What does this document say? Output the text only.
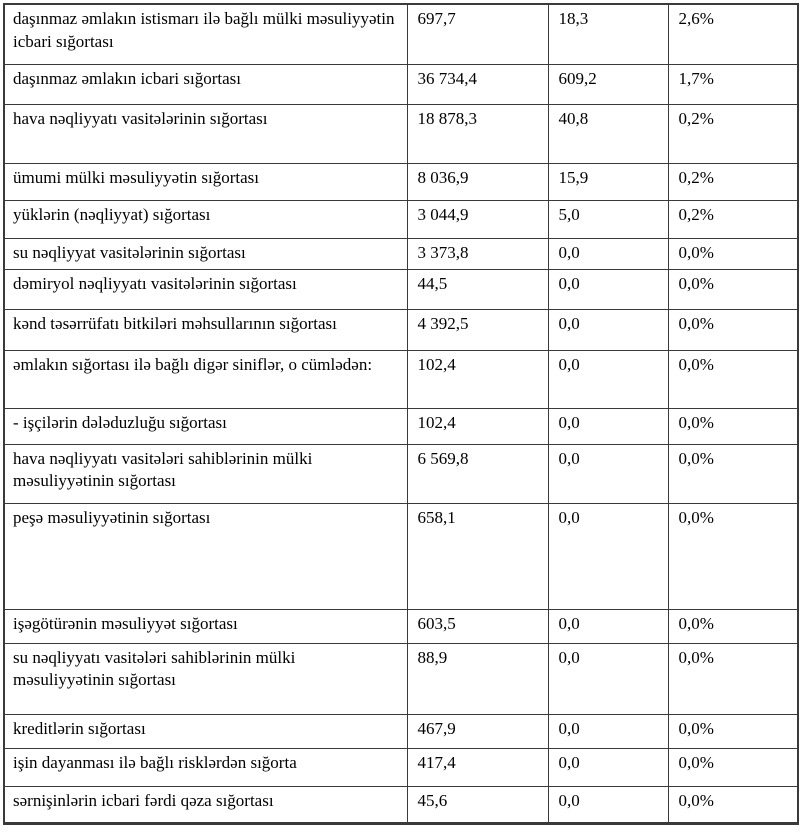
daşınmaz əmlakın istismarı ilə bağlı mülki məsuliyyətin icbari sığortası	697,7	18,3	2,6%
daşınmaz əmlakın icbari sığortası	36 734,4	609,2	1,7%
hava nəqliyyatı vasitələrinin sığortası	18 878,3	40,8	0,2%
ümumi mülki məsuliyyətin sığortası	8 036,9	15,9	0,2%
yüklərin (nəqliyyat) sığortası	3 044,9	5,0	0,2%
su nəqliyyat vasitələrinin sığortası	3 373,8	0,0	0,0%
dəmiryol nəqliyyatı vasitələrinin sığortası	44,5	0,0	0,0%
kənd təsərrüfatı bitkiləri məhsullarının sığortası	4 392,5	0,0	0,0%
əmlakın sığortası ilə bağlı digər siniflər, o cümlədən:	102,4	0,0	0,0%
- işçilərin dələduzluğu sığortası	102,4	0,0	0,0%
hava nəqliyyatı vasitələri sahiblərinin mülki məsuliyyətinin sığortası	6 569,8	0,0	0,0%
peşə məsuliyyətinin sığortası	658,1	0,0	0,0%
işəgötürənin məsuliyyət sığortası	603,5	0,0	0,0%
su nəqliyyatı vasitələri sahiblərinin mülki məsuliyyətinin sığortası	88,9	0,0	0,0%
kreditlərin sığortası	467,9	0,0	0,0%
işin dayanması ilə bağlı risklərdən sığorta	417,4	0,0	0,0%
sərnişinlərin icbari fərdi qəza sığortası	45,6	0,0	0,0%
